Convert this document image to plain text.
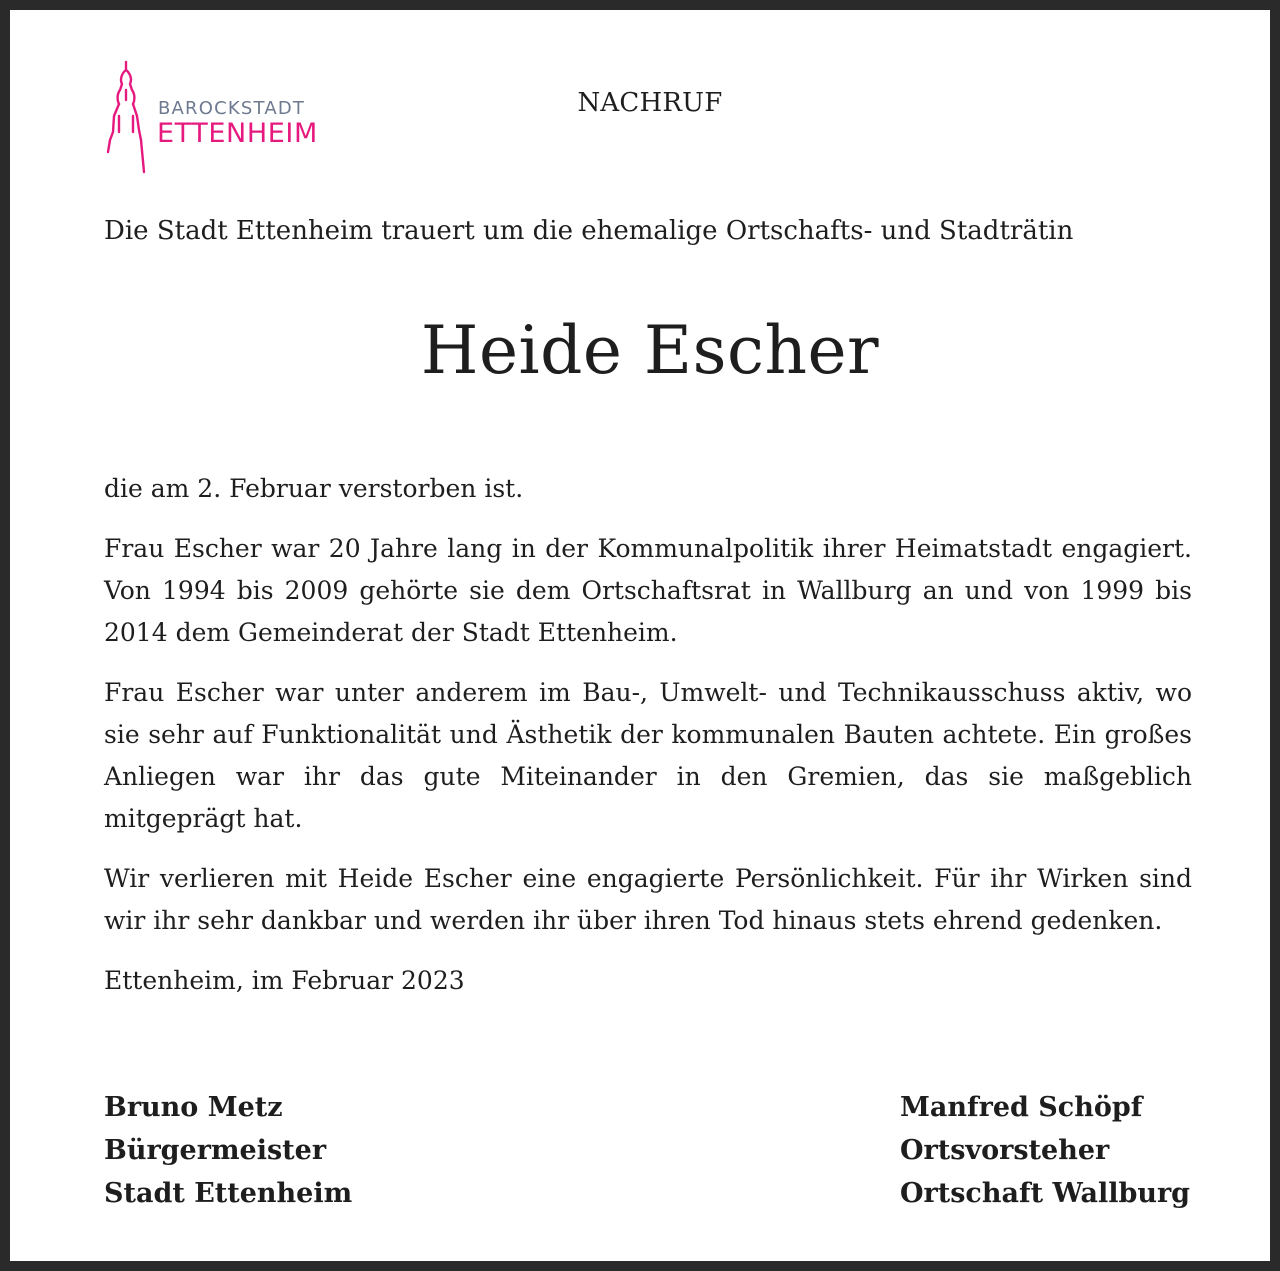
BAROCKSTADT
ETTENHEIM
NACHRUF
Die Stadt Ettenheim trauert um die ehemalige Ortschafts- und Stadträtin
Heide Escher

die am 2. Februar verstorben ist.

Frau Escher war 20 Jahre lang in der Kommunalpolitik ihrer Heimatstadt engagiert. Von 1994 bis 2009 gehörte sie dem Ortschaftsrat in Wallburg an und von 1999 bis 2014 dem Gemeinderat der Stadt Ettenheim.

Frau Escher war unter anderem im Bau-, Umwelt- und Technikausschuss aktiv, wo sie sehr auf Funktionalität und Ästhetik der kommunalen Bauten achtete. Ein großes Anliegen war ihr das gute Miteinander in den Gremien, das sie maßgeblich mitgeprägt hat.

Wir verlieren mit Heide Escher eine engagierte Persönlichkeit. Für ihr Wirken sind wir ihr sehr dankbar und werden ihr über ihren Tod hinaus stets ehrend gedenken.

Ettenheim, im Februar 2023

Bruno Metz
Bürgermeister
Stadt Ettenheim
Manfred Schöpf
Ortsvorsteher
Ortschaft Wallburg
